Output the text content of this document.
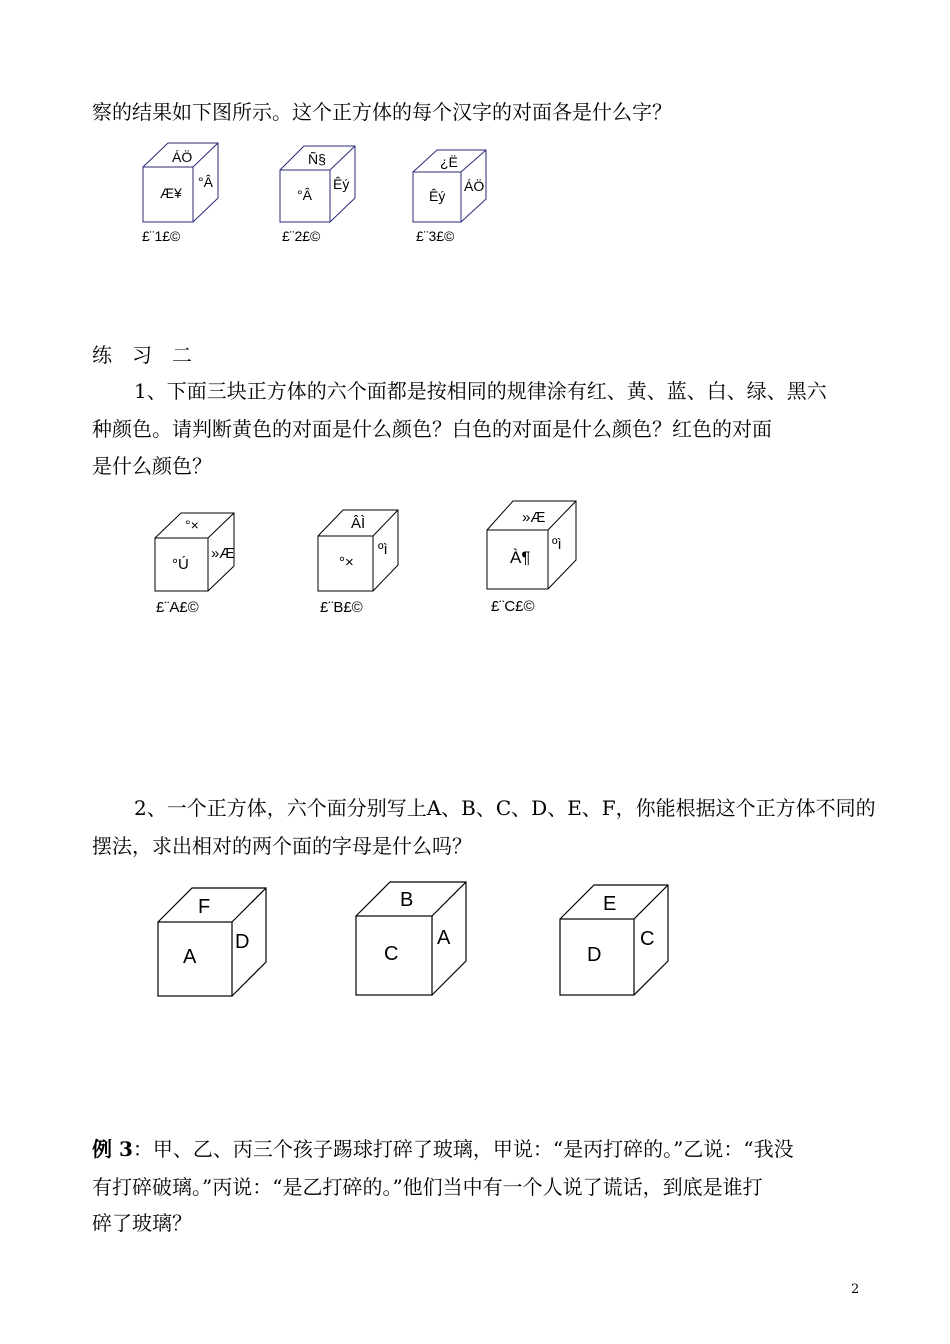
察的结果如下图所示。这个正方体的每个汉字的对面各是什么字？
ÁÖ
Æ¥
°Â
£¨1£©
Ñ§
°Â
Êý
£¨2£©
¿Ë
Êý
ÁÖ
£¨3£©
练　习　二
1、下面三块正方体的六个面都是按相同的规律涂有红、黄、蓝、白、绿、黑六
种颜色。请判断黄色的对面是什么颜色？白色的对面是什么颜色？红色的对面
是什么颜色？
°×
°Ú
»Æ
£¨A£©
ÂÌ
°×
ºì
£¨B£©
»Æ
À¶
ºì
£¨C£©
2、一个正方体，六个面分别写上A、B、C、D、E、F，你能根据这个正方体不同的
摆法，求出相对的两个面的字母是什么吗？
F
A
D
B
C
A
E
D
C
例 3：甲、乙、丙三个孩子踢球打碎了玻璃，甲说：“是丙打碎的。”乙说：“我没
有打碎破璃。”丙说：“是乙打碎的。”他们当中有一个人说了谎话，到底是谁打
碎了玻璃？
2
